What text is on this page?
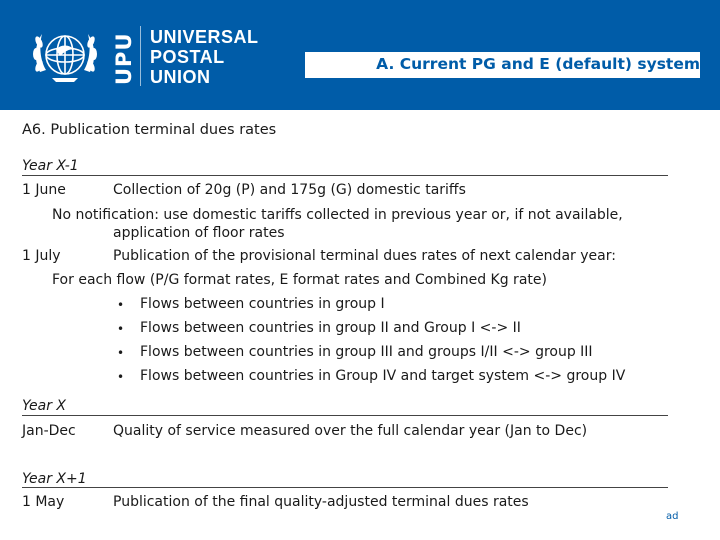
UPU UNIVERSAL
POSTAL
UNION
A. Current PG and E (default) system
A6. Publication terminal dues rates
Year X-1
1 June	Collection of 20g (P) and 175g (G) domestic tariffs
No notification: use domestic tariffs collected in previous year or, if not available,
application of floor rates
1 July	Publication of the provisional terminal dues rates of next calendar year:
For each flow (P/G format rates, E format rates and Combined Kg rate)
• Flows between countries in group I
• Flows between countries in group II and Group I <-> II
• Flows between countries in group III and groups I/II <-> group III
• Flows between countries in Group IV and target system <-> group IV
Year X
Jan-Dec	Quality of service measured over the full calendar year (Jan to Dec)
Year X+1
1 May	Publication of the final quality-adjusted terminal dues rates
ad
